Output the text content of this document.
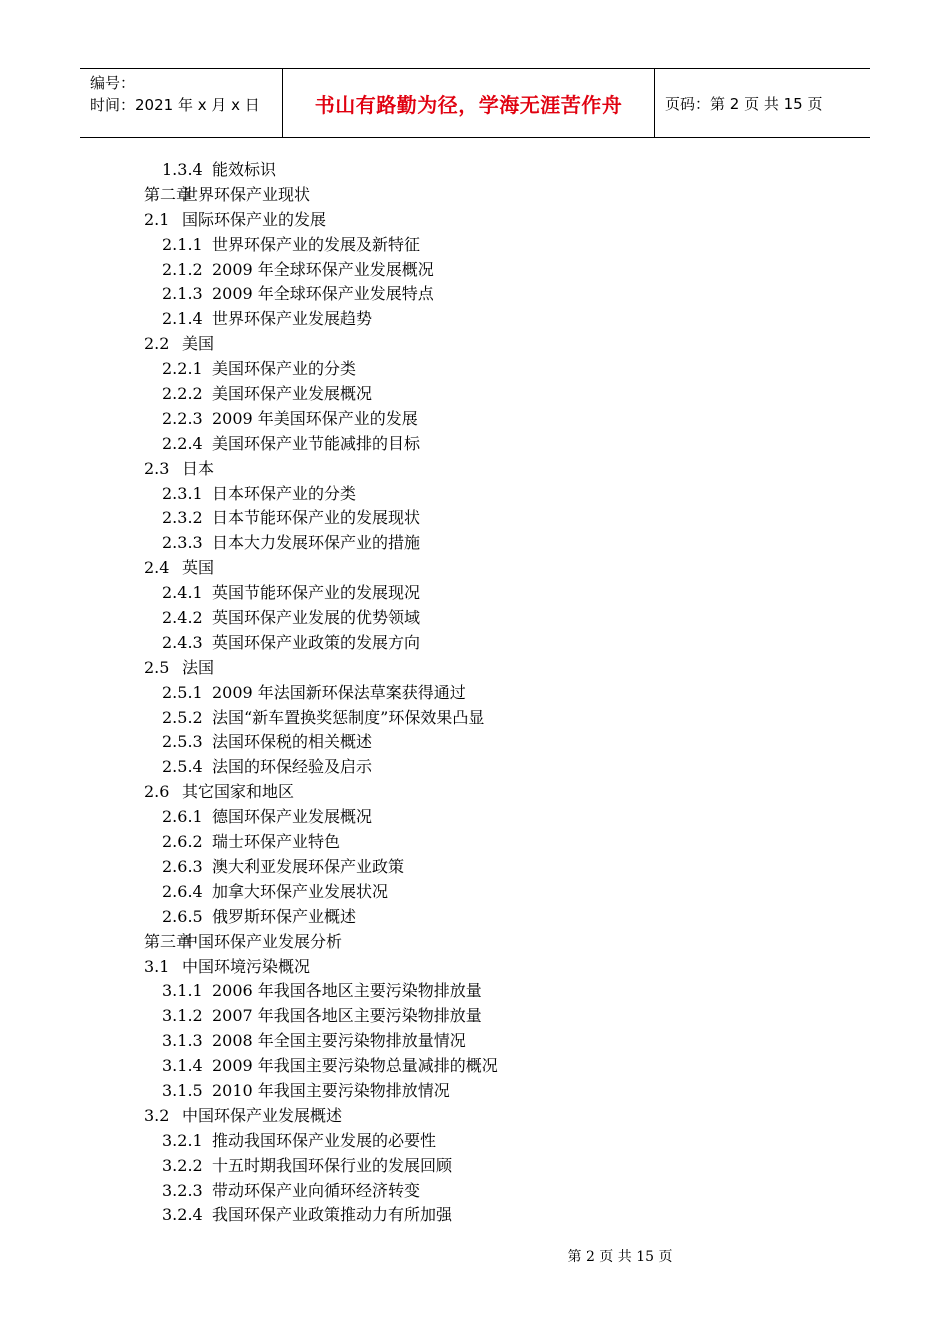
编号：
时间：2021 年 x 月 x 日	书山有路勤为径，学海无涯苦作舟	页码：第 2 页 共 15 页
1.3.4 能效标识
第二章世界环保产业现状
2.1 国际环保产业的发展
2.1.1 世界环保产业的发展及新特征
2.1.2 2009 年全球环保产业发展概况
2.1.3 2009 年全球环保产业发展特点
2.1.4 世界环保产业发展趋势
2.2 美国
2.2.1 美国环保产业的分类
2.2.2 美国环保产业发展概况
2.2.3 2009 年美国环保产业的发展
2.2.4 美国环保产业节能减排的目标
2.3 日本
2.3.1 日本环保产业的分类
2.3.2 日本节能环保产业的发展现状
2.3.3 日本大力发展环保产业的措施
2.4 英国
2.4.1 英国节能环保产业的发展现况
2.4.2 英国环保产业发展的优势领域
2.4.3 英国环保产业政策的发展方向
2.5 法国
2.5.1 2009 年法国新环保法草案获得通过
2.5.2 法国“新车置换奖惩制度”环保效果凸显
2.5.3 法国环保税的相关概述
2.5.4 法国的环保经验及启示
2.6 其它国家和地区
2.6.1 德国环保产业发展概况
2.6.2 瑞士环保产业特色
2.6.3 澳大利亚发展环保产业政策
2.6.4 加拿大环保产业发展状况
2.6.5 俄罗斯环保产业概述
第三章中国环保产业发展分析
3.1 中国环境污染概况
3.1.1 2006 年我国各地区主要污染物排放量
3.1.2 2007 年我国各地区主要污染物排放量
3.1.3 2008 年全国主要污染物排放量情况
3.1.4 2009 年我国主要污染物总量减排的概况
3.1.5 2010 年我国主要污染物排放情况
3.2 中国环保产业发展概述
3.2.1 推动我国环保产业发展的必要性
3.2.2 十五时期我国环保行业的发展回顾
3.2.3 带动环保产业向循环经济转变
3.2.4 我国环保产业政策推动力有所加强
第 2 页 共 15 页
